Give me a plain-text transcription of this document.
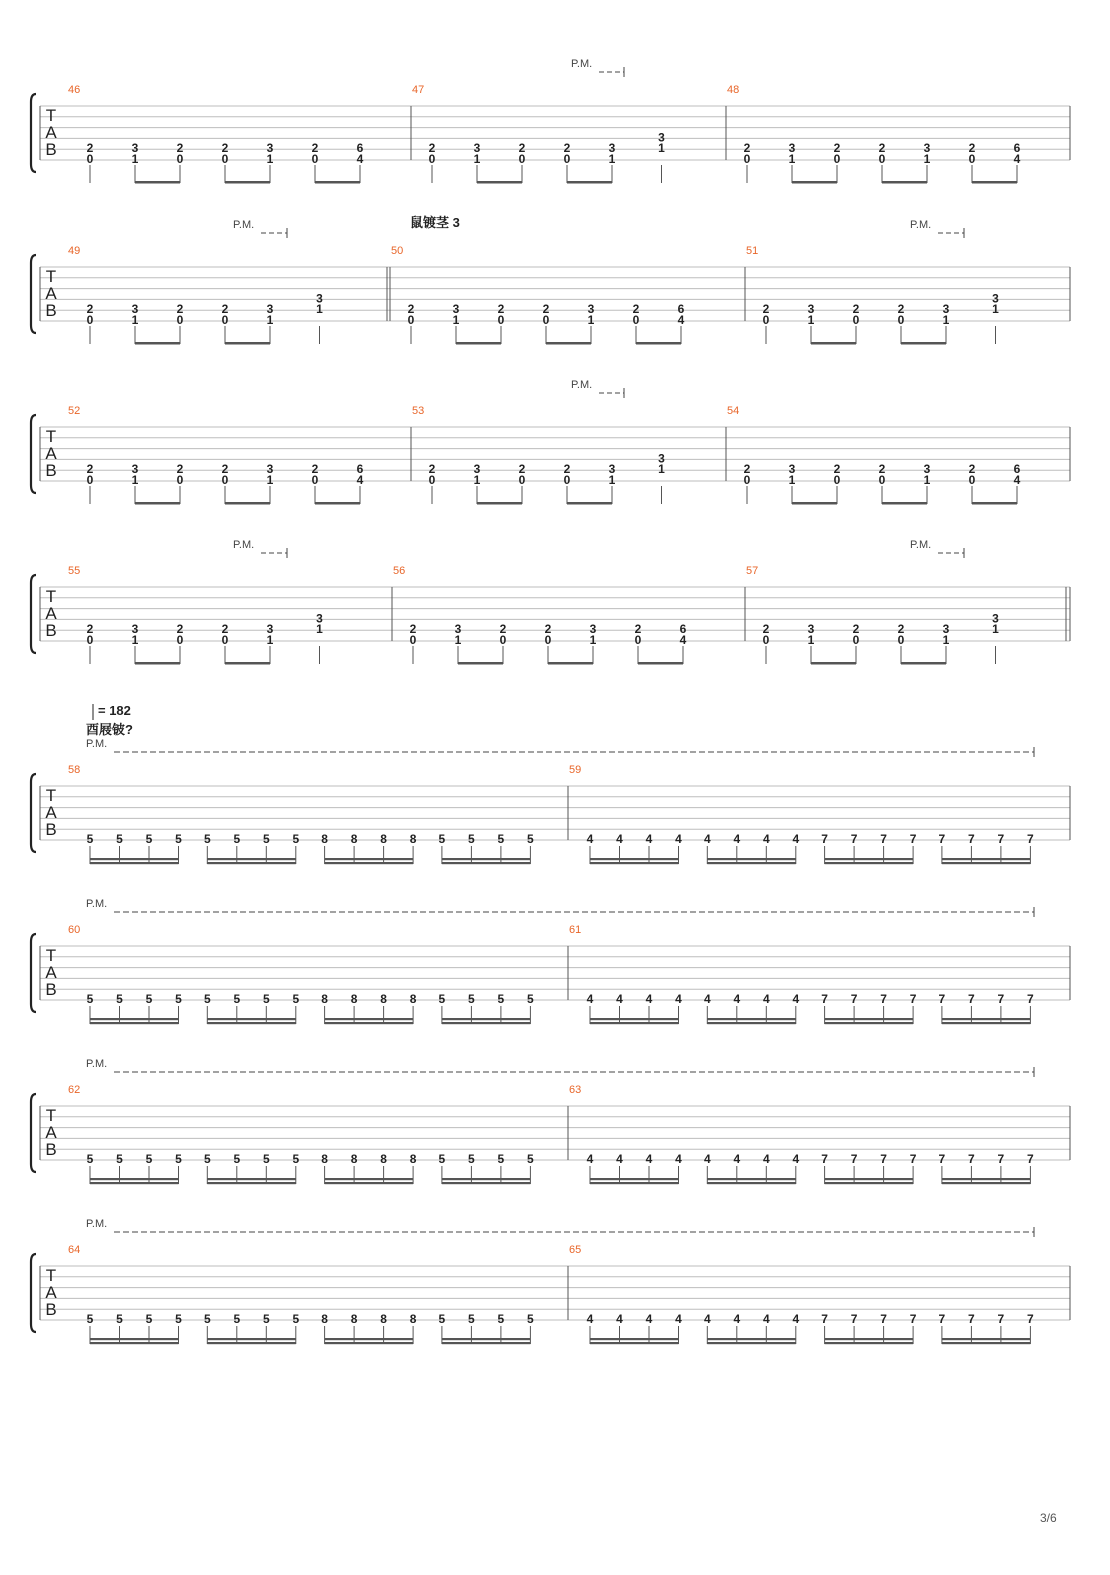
T
A
B
46
2
0
3
1
2
0
2
0
3
1
2
0
6
4
47
2
0
3
1
2
0
2
0
3
1
3
1
48
2
0
3
1
2
0
2
0
3
1
2
0
6
4
P.M.
T
A
B
49
2
0
3
1
2
0
2
0
3
1
3
1
50
2
0
3
1
2
0
2
0
3
1
2
0
6
4
51
2
0
3
1
2
0
2
0
3
1
3
1
P.M.	鼠镀茎 3	P.M.
T
A
B
52
2
0
3
1
2
0
2
0
3
1
2
0
6
4
53
2
0
3
1
2
0
2
0
3
1
3
1
54
2
0
3
1
2
0
2
0
3
1
2
0
6
4
P.M.
T
A
B
55
2
0
3
1
2
0
2
0
3
1
3
1
56
2
0
3
1
2
0
2
0
3
1
2
0
6
4
57
2
0
3
1
2
0
2
0
3
1
3
1
P.M.	P.M.
T
A
B
58
5 5 5 5 5 5 5 5 8 8 8 8 5 5 5 5
59
4 4 4 4 4 4 4 4 7 7 7 7 7 7 7 7
P.M.
= 182
酉屐铍?
T
A
B
60
5 5 5 5 5 5 5 5 8 8 8 8 5 5 5 5
61
4 4 4 4 4 4 4 4 7 7 7 7 7 7 7 7
P.M.
T
A
B
62
5 5 5 5 5 5 5 5 8 8 8 8 5 5 5 5
63
4 4 4 4 4 4 4 4 7 7 7 7 7 7 7 7
P.M.
T
A
B
64
5 5 5 5 5 5 5 5 8 8 8 8 5 5 5 5
65
4 4 4 4 4 4 4 4 7 7 7 7 7 7 7 7
P.M.
3/6
